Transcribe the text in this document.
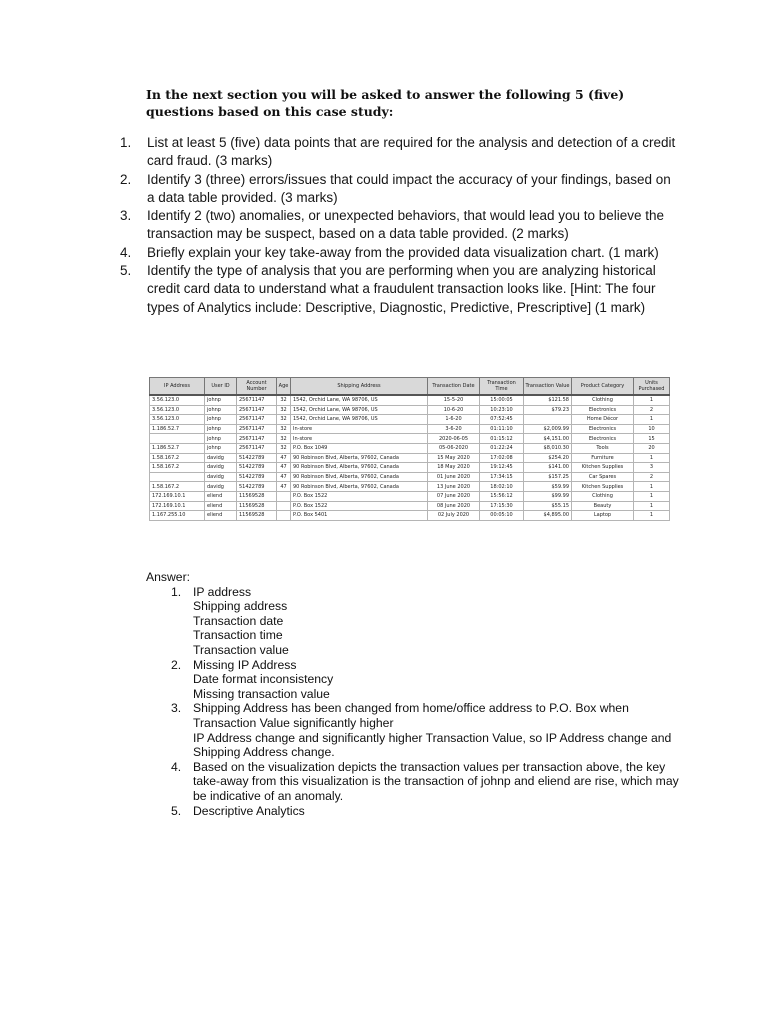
In the next section you will be asked to answer the following 5 (five) questions based on this case study:
1. List at least 5 (five) data points that are required for the analysis and detection of a credit card fraud. (3 marks)
2. Identify 3 (three) errors/issues that could impact the accuracy of your findings, based on a data table provided. (3 marks)
3. Identify 2 (two) anomalies, or unexpected behaviors, that would lead you to believe the transaction may be suspect, based on a data table provided. (2 marks)
4. Briefly explain your key take-away from the provided data visualization chart. (1 mark)
5. Identify the type of analysis that you are performing when you are analyzing historical credit card data to understand what a fraudulent transaction looks like. [Hint: The four types of Analytics include: Descriptive, Diagnostic, Predictive, Prescriptive] (1 mark)
IP Address	User ID	Account Number	Age	Shipping Address	Transaction Date	Transaction Time	Transaction Value	Product Category	Units Purchased
3.56.123.0	johnp	25671147	32	1542, Orchid Lane, WA 98706, US	15-5-20	15:00:05	$121.58	Clothing	1
3.56.123.0	johnp	25671147	32	1542, Orchid Lane, WA 98706, US	10-6-20	10:23:10	$79.23	Electronics	2
3.56.123.0	johnp	25671147	32	1542, Orchid Lane, WA 98706, US	1-6-20	07:52:45		Home Décor	1
1.186.52.7	johnp	25671147	32	In-store	3-6-20	01:11:10	$2,009.99	Electronics	10
	johnp	25671147	32	In-store	2020-06-05	01:15:12	$4,151.00	Electronics	15
1.186.52.7	johnp	25671147	32	P.O. Box 1049	05-06-2020	01:22:24	$8,010.30	Tools	20
1.58.167.2	davidg	51422789	47	90 Robinson Blvd, Alberta, 97602, Canada	15 May 2020	17:02:08	$254.20	Furniture	1
1.58.167.2	davidg	51422789	47	90 Robinson Blvd, Alberta, 97602, Canada	18 May 2020	19:12:45	$141.00	Kitchen Supplies	3
	davidg	51422789	47	90 Robinson Blvd, Alberta, 97602, Canada	01 June 2020	17:34:15	$157.25	Car Spares	2
1.58.167.2	davidg	51422789	47	90 Robinson Blvd, Alberta, 97602, Canada	13 June 2020	18:02:10	$59.99	Kitchen Supplies	1
172.169.10.1	eliend	11569528		P.O. Box 1522	07 June 2020	15:56:12	$99.99	Clothing	1
172.169.10.1	eliend	11569528		P.O. Box 1522	08 June 2020	17:15:30	$55.15	Beauty	1
1.167.255.10	eliend	11569528		P.O. Box 5401	02 July 2020	00:05:10	$4,895.00	Laptop	1
Answer:
1. IP address
Shipping address
Transaction date
Transaction time
Transaction value
2. Missing IP Address
Date format inconsistency
Missing transaction value
3. Shipping Address has been changed from home/office address to P.O. Box when Transaction Value significantly higher
IP Address change and significantly higher Transaction Value, so IP Address change and Shipping Address change.
4. Based on the visualization depicts the transaction values per transaction above, the key take-away from this visualization is the transaction of johnp and eliend are rise, which may be indicative of an anomaly.
5. Descriptive Analytics
